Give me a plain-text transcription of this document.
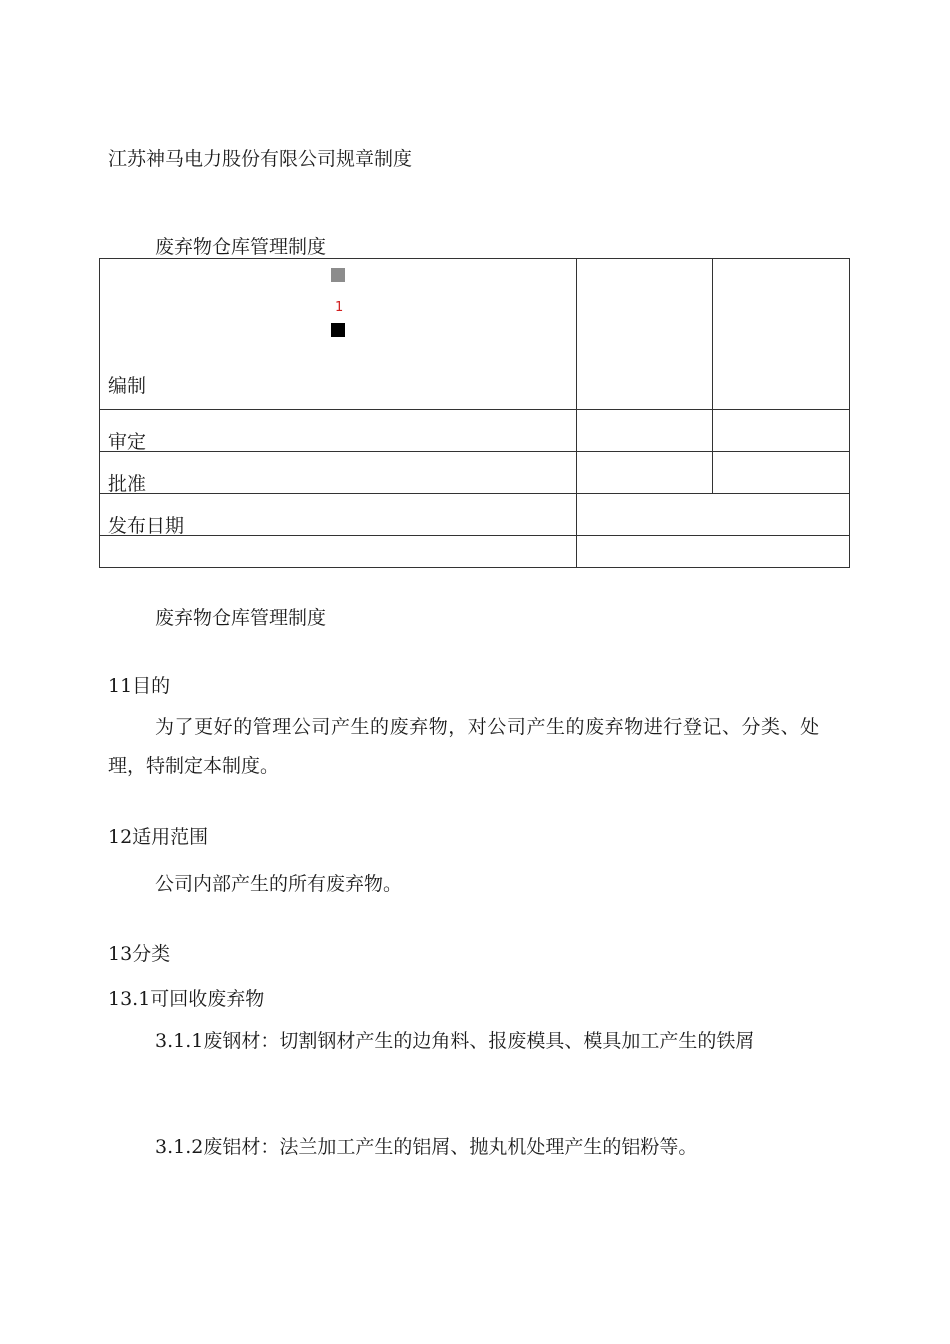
江苏神马电力股份有限公司规章制度
废弃物仓库管理制度
1
编制
审定
批准
发布日期
废弃物仓库管理制度
11目的
为了更好的管理公司产生的废弃物，对公司产生的废弃物进行登记、分类、处
理，特制定本制度。
12适用范围
公司内部产生的所有废弃物。
13分类
13.1可回收废弃物
3.1.1废钢材：切割钢材产生的边角料、报废模具、模具加工产生的铁屑
3.1.2废铝材：法兰加工产生的铝屑、抛丸机处理产生的铝粉等。
